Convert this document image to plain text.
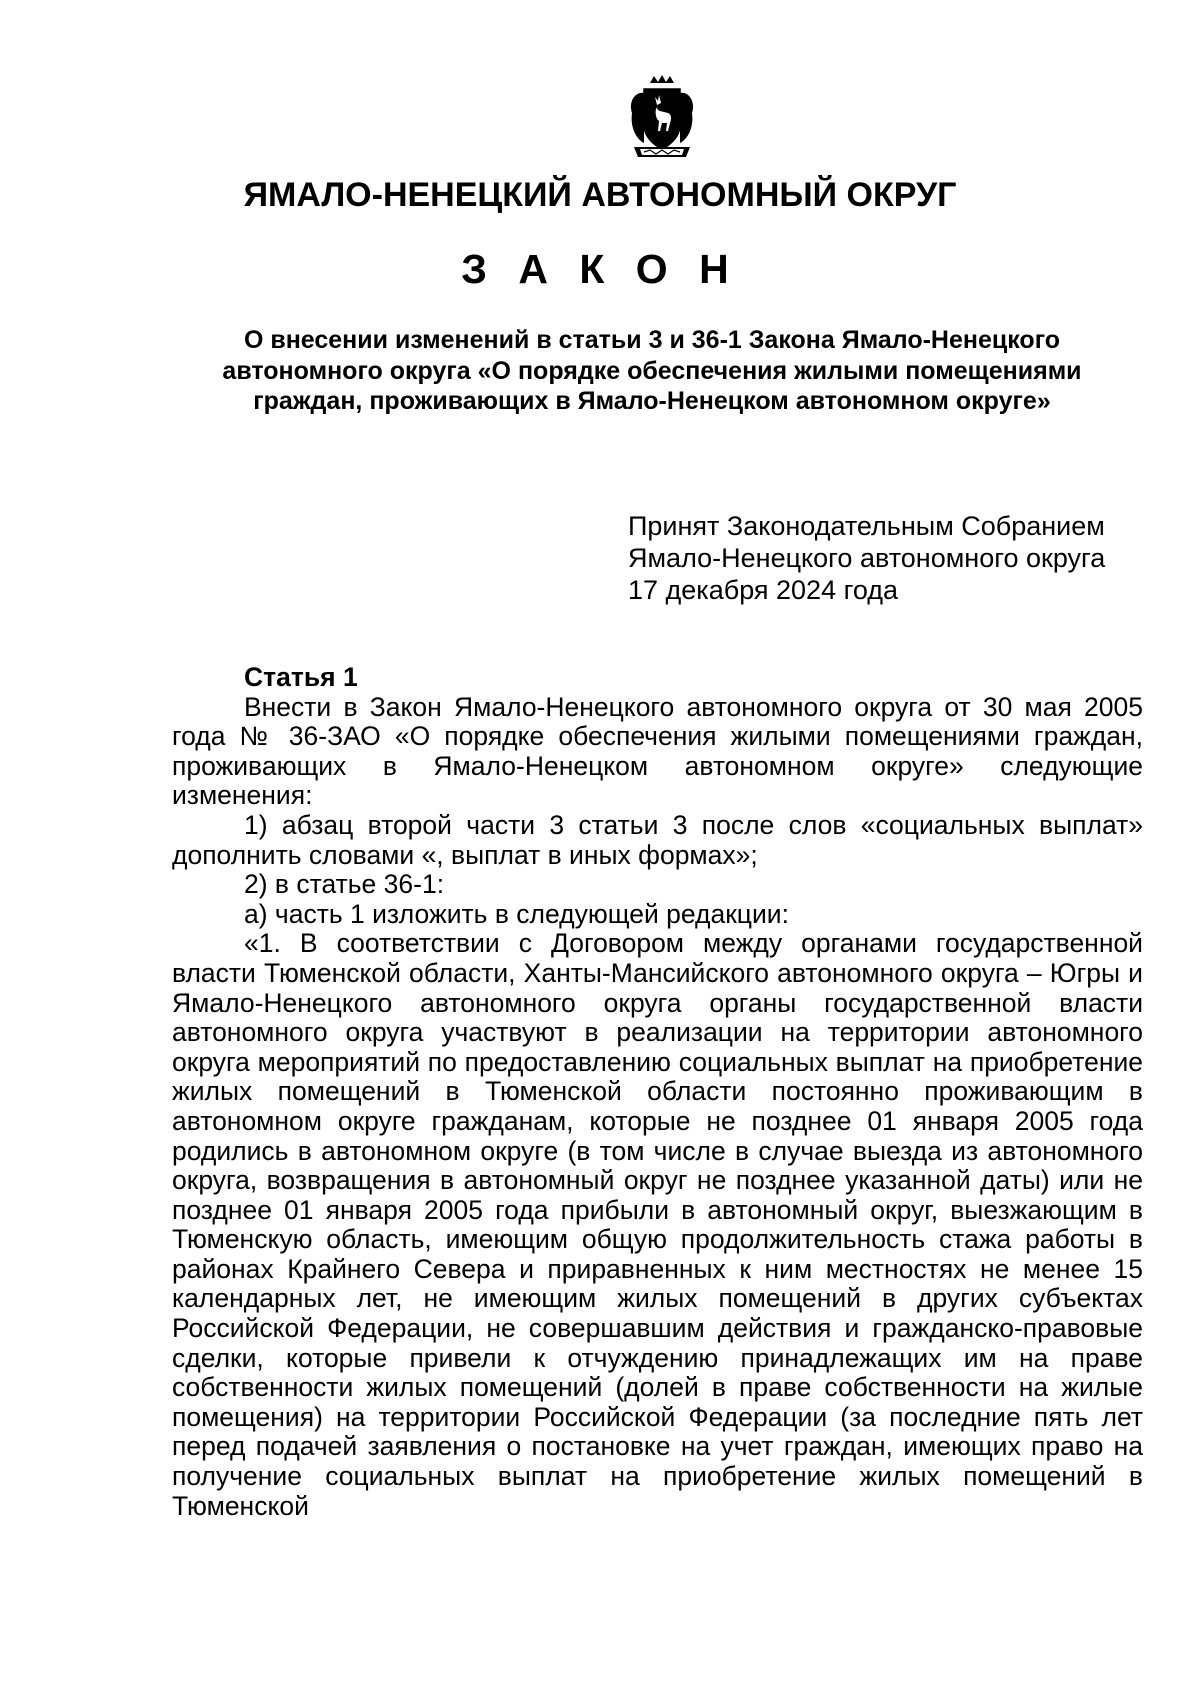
ЯМАЛО-НЕНЕЦКИЙ АВТОНОМНЫЙ ОКРУГ
З А К О Н
О внесении изменений в статьи 3 и 36-1 Закона Ямало-Ненецкого автономного округа «О порядке обеспечения жилыми помещениями граждан, проживающих в Ямало-Ненецком автономном округе»
Принят Законодательным Собранием
Ямало-Ненецкого автономного округа
17 декабря 2024 года

Статья 1

Внести в Закон Ямало-Ненецкого автономного округа от 30 мая 2005 года № 36-ЗАО «О порядке обеспечения жилыми помещениями граждан, проживающих в Ямало-Ненецком автономном округе» следующие изменения:

1) абзац второй части 3 статьи 3 после слов «социальных выплат» дополнить словами «, выплат в иных формах»;

2) в статье 36-1:

а) часть 1 изложить в следующей редакции:

«1. В соответствии с Договором между органами государственной власти Тюменской области, Ханты-Мансийского автономного округа – Югры и Ямало-Ненецкого автономного округа органы государственной власти автономного округа участвуют в реализации на территории автономного округа мероприятий по предоставлению социальных выплат на приобретение жилых помещений в Тюменской области постоянно проживающим в автономном округе гражданам, которые не позднее 01 января 2005 года родились в автономном округе (в том числе в случае выезда из автономного округа, возвращения в автономный округ не позднее указанной даты) или не позднее 01 января 2005 года прибыли в автономный округ, выезжающим в Тюменскую область, имеющим общую продолжительность стажа работы в районах Крайнего Севера и приравненных к ним местностях не менее 15 календарных лет, не имеющим жилых помещений в других субъектах Российской Федерации, не совершавшим действия и гражданско-правовые сделки, которые привели к отчуждению принадлежащих им на праве собственности жилых помещений (долей в праве собственности на жилые помещения) на территории Российской Федерации (за последние пять лет перед подачей заявления о постановке на учет граждан, имеющих право на получение социальных выплат на приобретение жилых помещений в Тюменской
